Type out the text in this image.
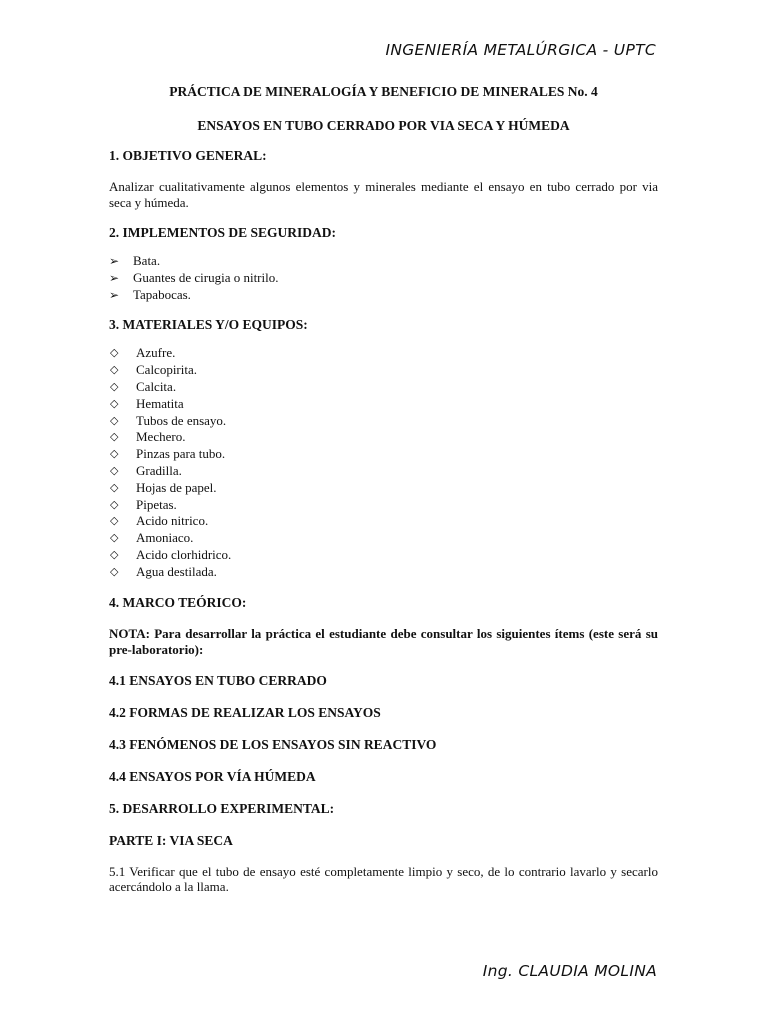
INGENIERÍA METALÚRGICA - UPTC
PRÁCTICA DE MINERALOGÍA Y BENEFICIO DE MINERALES No. 4
ENSAYOS EN TUBO CERRADO POR VIA SECA Y HÚMEDA
1. OBJETIVO GENERAL:

Analizar cualitativamente algunos elementos y minerales mediante el ensayo en tubo cerrado por via seca y húmeda.

2. IMPLEMENTOS DE SEGURIDAD:
➢	Bata.
➢	Guantes de cirugia o nitrilo.
➢	Tapabocas.
3. MATERIALES Y/O EQUIPOS:
◇	Azufre.
◇	Calcopirita.
◇	Calcita.
◇	Hematita
◇	Tubos de ensayo.
◇	Mechero.
◇	Pinzas para tubo.
◇	Gradilla.
◇	Hojas de papel.
◇	Pipetas.
◇	Acido nitrico.
◇	Amoniaco.
◇	Acido clorhidrico.
◇	Agua destilada.
4. MARCO TEÓRICO:

NOTA: Para desarrollar la práctica el estudiante debe consultar los siguientes ítems (este será su pre-laboratorio):

4.1 ENSAYOS EN TUBO CERRADO
4.2 FORMAS DE REALIZAR LOS ENSAYOS
4.3 FENÓMENOS DE LOS ENSAYOS SIN REACTIVO
4.4 ENSAYOS POR VÍA HÚMEDA
5. DESARROLLO EXPERIMENTAL:
PARTE I: VIA SECA

5.1 Verificar que el tubo de ensayo esté completamente limpio y seco, de lo contrario lavarlo y secarlo acercándolo a la llama.

Ing. CLAUDIA MOLINA
